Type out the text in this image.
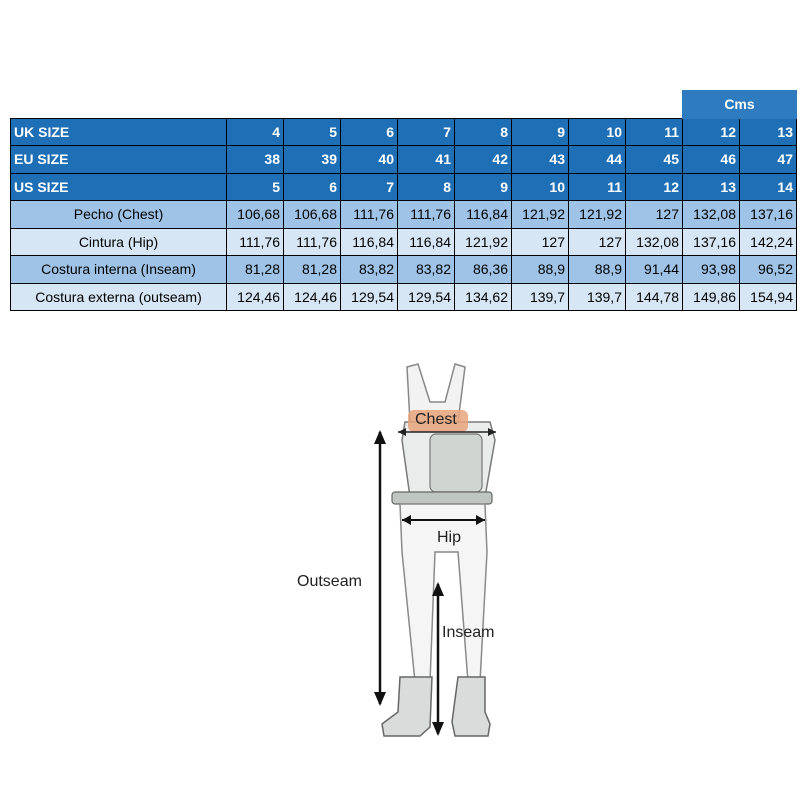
									Cms	
UK SIZE	4	5	6	7	8	9	10	11	12	13
EU SIZE	38	39	40	41	42	43	44	45	46	47
US SIZE	5	6	7	8	9	10	11	12	13	14
Pecho (Chest)	106,68	106,68	111,76	111,76	116,84	121,92	121,92	127	132,08	137,16
Cintura (Hip)	111,76	111,76	116,84	116,84	121,92	127	127	132,08	137,16	142,24
Costura interna (Inseam)	81,28	81,28	83,82	83,82	86,36	88,9	88,9	91,44	93,98	96,52
Costura externa (outseam)	124,46	124,46	129,54	129,54	134,62	139,7	139,7	144,78	149,86	154,94
Chest
Hip
Outseam
Inseam
